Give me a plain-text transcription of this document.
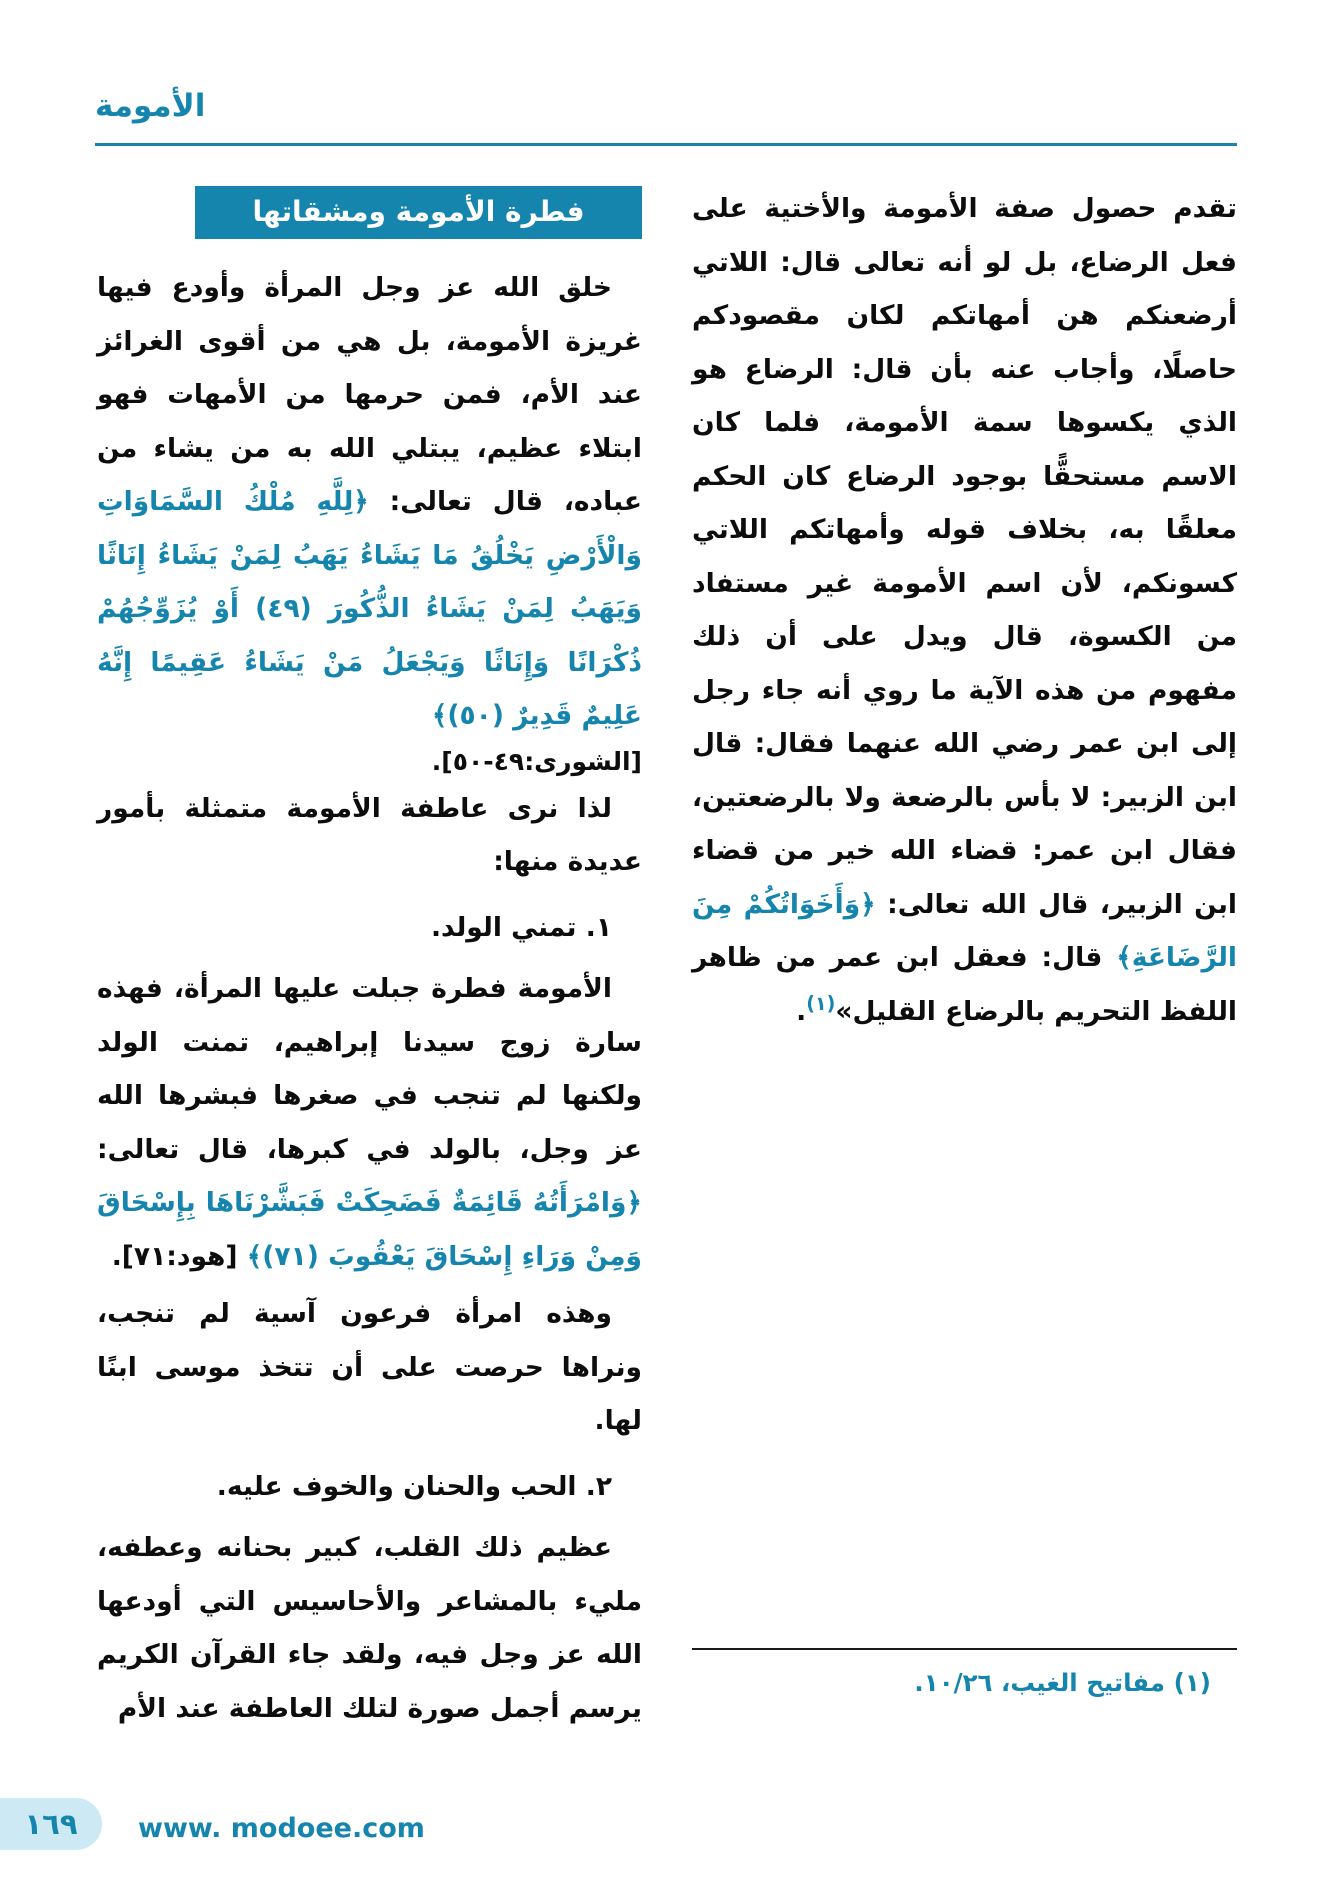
الأمومة

تقدم حصول صفة الأمومة والأختية على فعل الرضاع، بل لو أنه تعالى قال: اللاتي أرضعنكم هن أمهاتكم لكان مقصودكم حاصلًا، وأجاب عنه بأن قال: الرضاع هو الذي يكسوها سمة الأمومة، فلما كان الاسم مستحقًّا بوجود الرضاع كان الحكم معلقًا به، بخلاف قوله وأمهاتكم اللاتي كسونكم، لأن اسم الأمومة غير مستفاد من الكسوة، قال ويدل على أن ذلك مفهوم من هذه الآية ما روي أنه جاء رجل إلى ابن عمر رضي الله عنهما فقال: قال ابن الزبير: لا بأس بالرضعة ولا بالرضعتين، فقال ابن عمر: قضاء الله خير من قضاء ابن الزبير، قال الله تعالى: ﴿وَأَخَوَاتُكُمْ مِنَ الرَّضَاعَةِ﴾ قال: فعقل ابن عمر من ظاهر اللفظ التحريم بالرضاع القليل»$^{(١)}$.

(١) مفاتيح الغيب، ١٠/٢٦.

فطرة الأمومة ومشقاتها

خلق الله عز وجل المرأة وأودع فيها غريزة الأمومة، بل هي من أقوى الغرائز عند الأم، فمن حرمها من الأمهات فهو ابتلاء عظيم، يبتلي الله به من يشاء من عباده، قال تعالى: ﴿لِلَّهِ مُلْكُ السَّمَاوَاتِ وَالْأَرْضِ يَخْلُقُ مَا يَشَاءُ يَهَبُ لِمَنْ يَشَاءُ إِنَاثًا وَيَهَبُ لِمَنْ يَشَاءُ الذُّكُورَ (٤٩) أَوْ يُزَوِّجُهُمْ ذُكْرَانًا وَإِنَاثًا وَيَجْعَلُ مَنْ يَشَاءُ عَقِيمًا إِنَّهُ عَلِيمٌ قَدِيرٌ (٥٠)﴾

[الشورى:٤٩-٥٠].

لذا نرى عاطفة الأمومة متمثلة بأمور عديدة منها:

١. تمني الولد.

الأمومة فطرة جبلت عليها المرأة، فهذه سارة زوج سيدنا إبراهيم، تمنت الولد ولكنها لم تنجب في صغرها فبشرها الله عز وجل، بالولد في كبرها، قال تعالى: ﴿وَامْرَأَتُهُ قَائِمَةٌ فَضَحِكَتْ فَبَشَّرْنَاهَا بِإِسْحَاقَ وَمِنْ وَرَاءِ إِسْحَاقَ يَعْقُوبَ (٧١)﴾ [هود:٧١].

وهذه امرأة فرعون آسية لم تنجب، ونراها حرصت على أن تتخذ موسى ابنًا لها.

٢. الحب والحنان والخوف عليه.

عظيم ذلك القلب، كبير بحنانه وعطفه، مليء بالمشاعر والأحاسيس التي أودعها الله عز وجل فيه، ولقد جاء القرآن الكريم يرسم أجمل صورة لتلك العاطفة عند الأم

١٦٩ www. modoee.com
